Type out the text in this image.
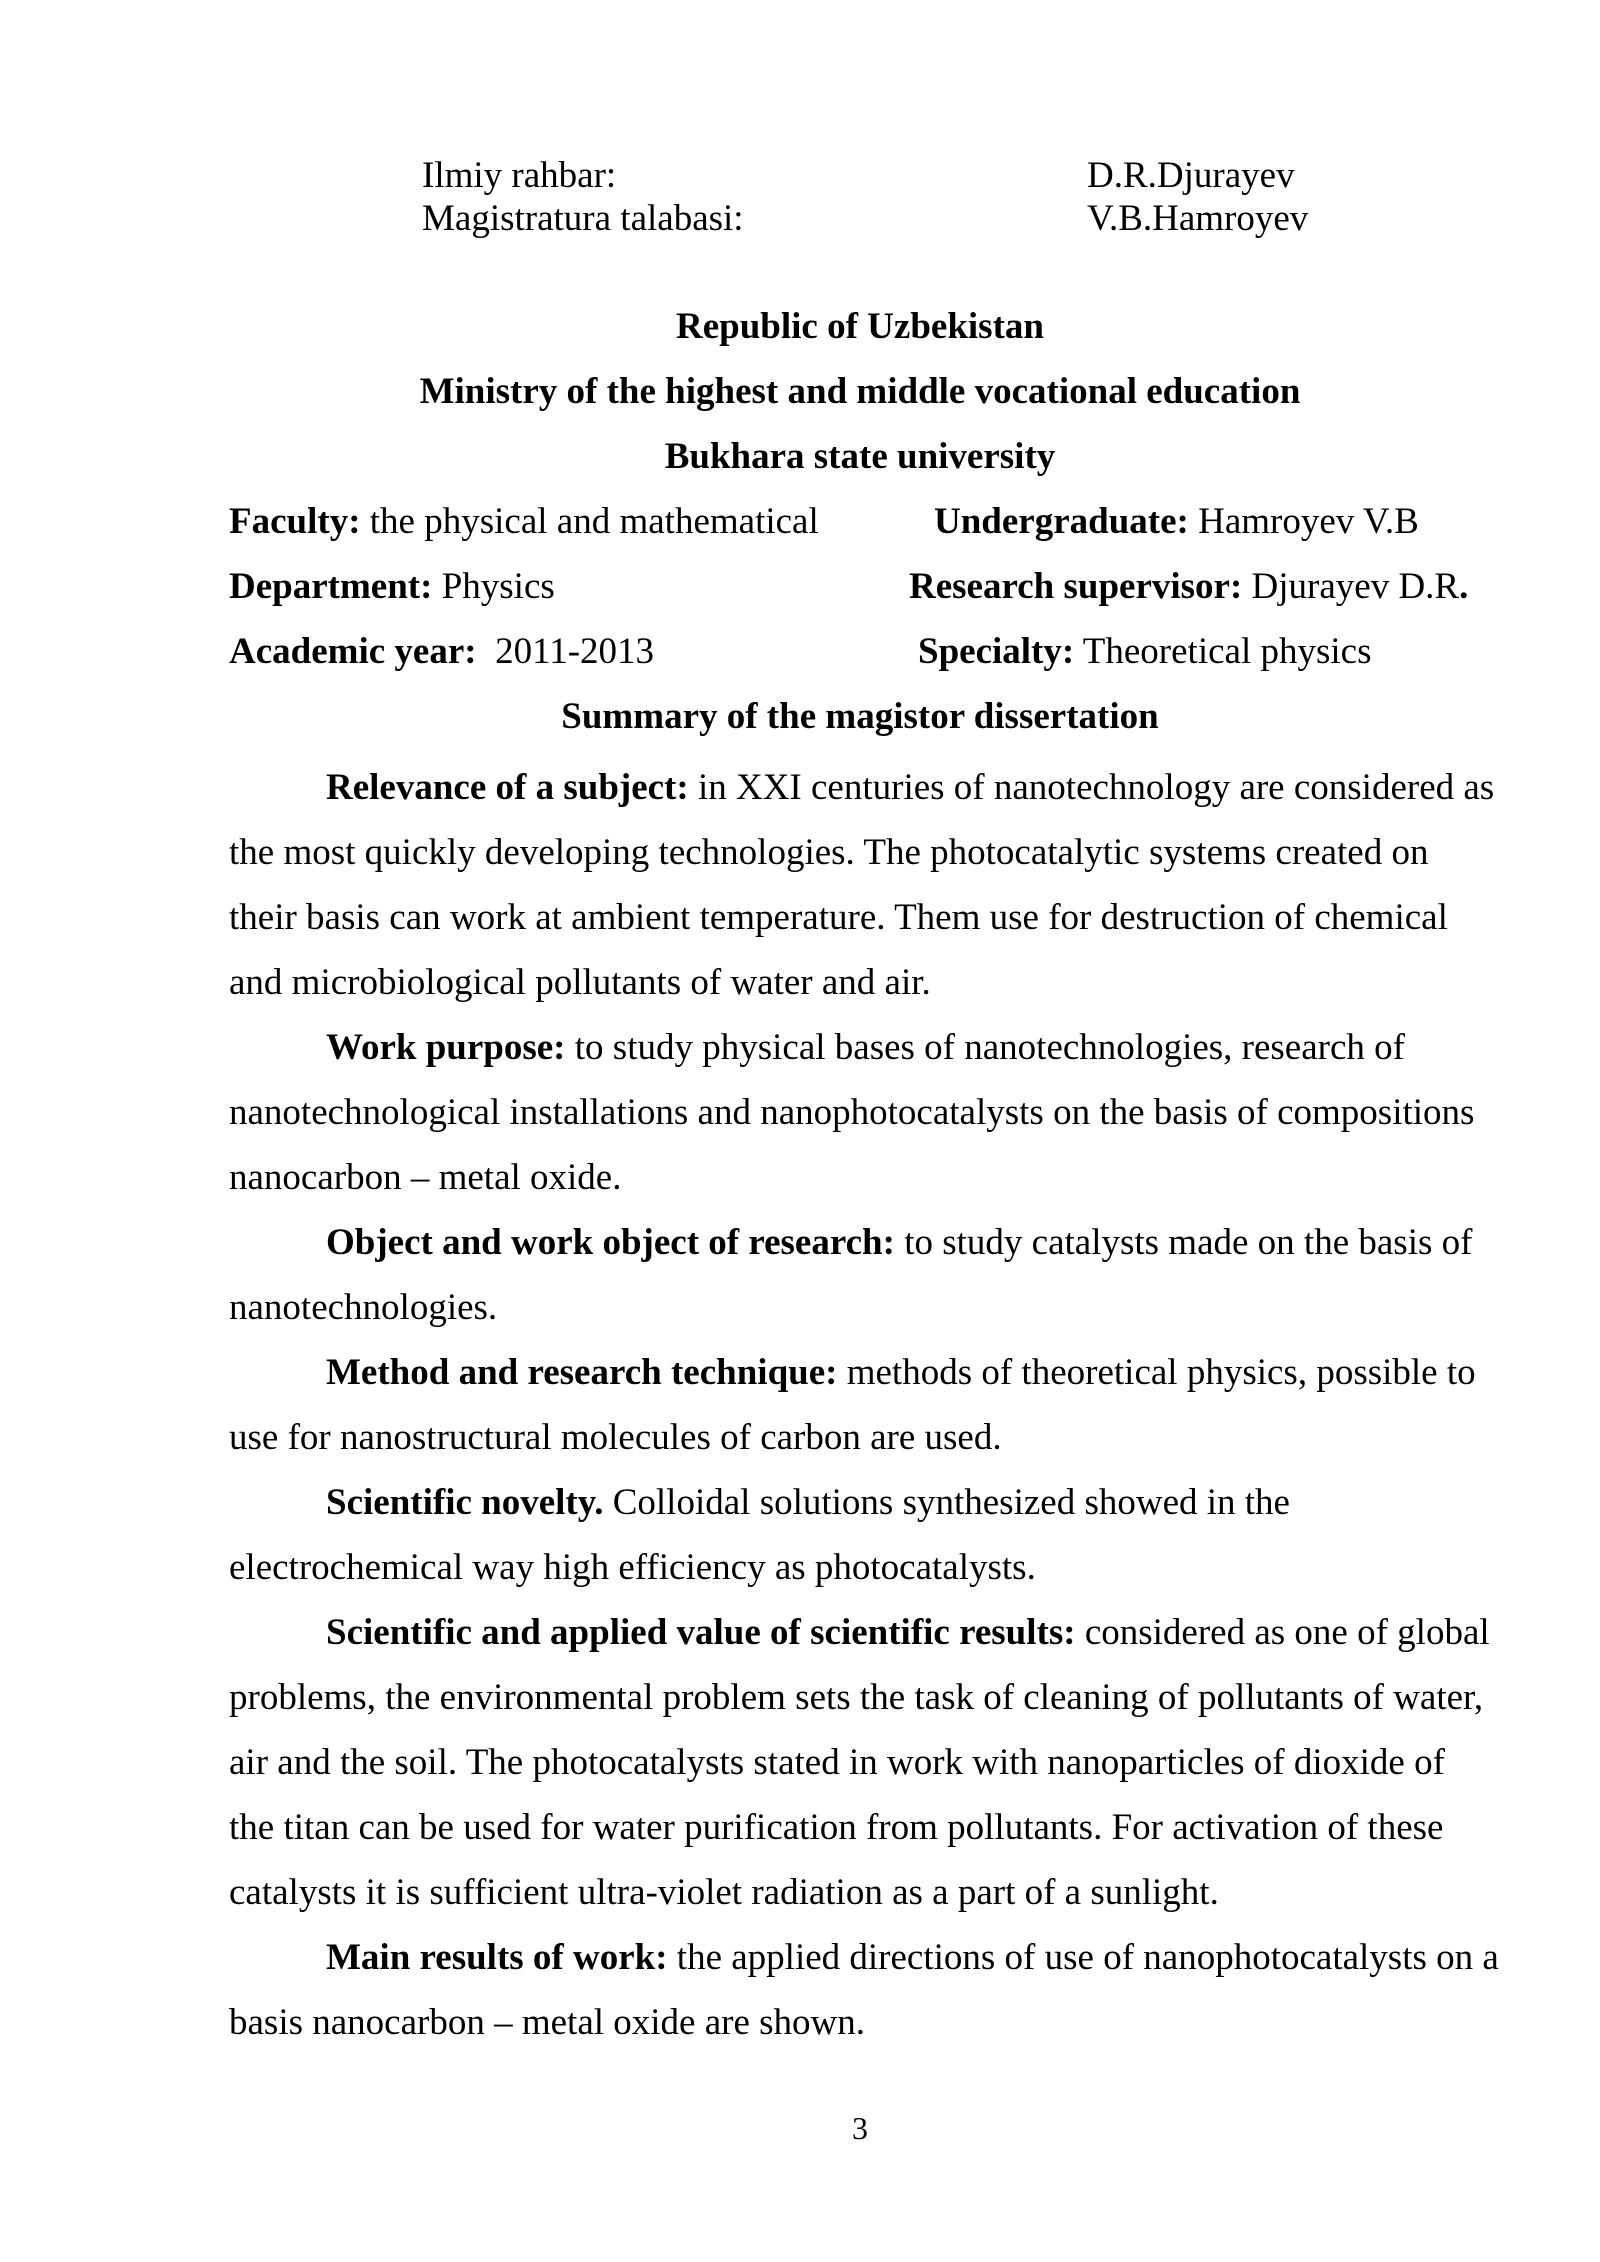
Ilmiy rahbar:	D.R.Djurayev
Magistratura talabasi:	V.B.Hamroyev
Republic of Uzbekistan
Ministry of the highest and middle vocational education
Bukhara state university
Faculty: the physical and mathematical	Undergraduate: Hamroyev V.B
Department: Physics	Research supervisor: Djurayev D.R.
Academic year:  2011-2013	Specialty: Theoretical physics
Summary of the magistor dissertation

Relevance of a subject: in XXI centuries of nanotechnology are considered as the most quickly developing technologies. The photocatalytic systems created on their basis can work at ambient temperature. Them use for destruction of chemical and microbiological pollutants of water and air.

Work purpose: to study physical bases of nanotechnologies, research of nanotechnological installations and nanophotocatalysts on the basis of compositions nanocarbon – metal oxide.

Object and work object of research: to study catalysts made on the basis of nanotechnologies.

Method and research technique: methods of theoretical physics, possible to use for nanostructural molecules of carbon are used.

Scientific novelty. Colloidal solutions synthesized showed in the electrochemical way high efficiency as photocatalysts.

Scientific and applied value of scientific results: considered as one of global problems, the environmental problem sets the task of cleaning of pollutants of water, air and the soil. The photocatalysts stated in work with nanoparticles of dioxide of the titan can be used for water purification from pollutants. For activation of these catalysts it is sufficient ultra-violet radiation as a part of a sunlight.

Main results of work: the applied directions of use of nanophotocatalysts on a basis nanocarbon – metal oxide are shown.

3
